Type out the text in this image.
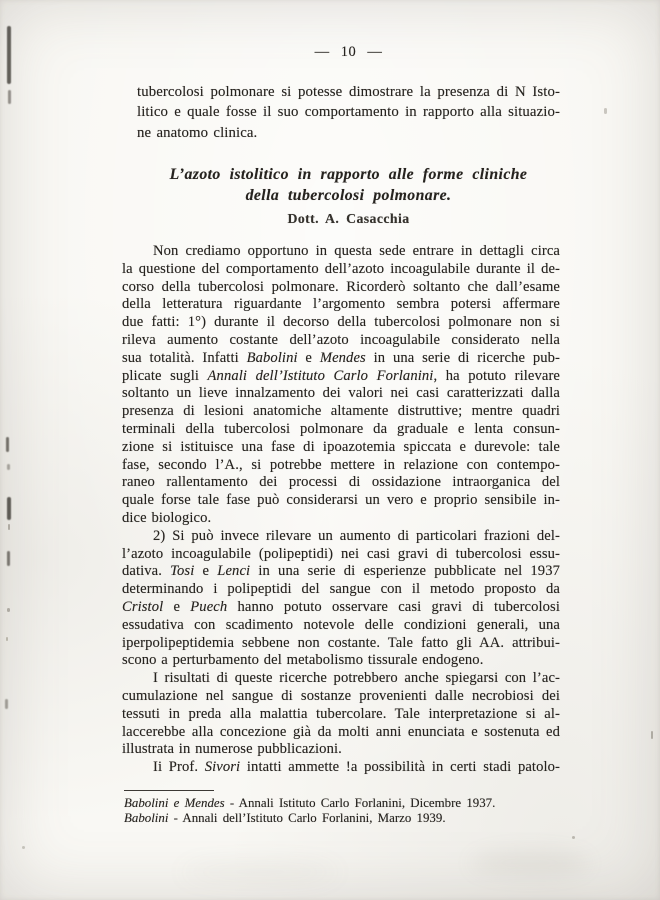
— 10 —
tubercolosi polmonare si potesse dimostrare la presenza di N Isto-
litico e quale fosse il suo comportamento in rapporto alla situazio-
ne anatomo clinica.
L’azoto istolitico in rapporto alle forme cliniche
della tubercolosi polmonare.
Dott. A. Casacchia
Non crediamo opportuno in questa sede entrare in dettagli circa
la questione del comportamento dell’azoto incoagulabile durante il de-
corso della tubercolosi polmonare. Ricorderò soltanto che dall’esame
della letteratura riguardante l’argomento sembra potersi affermare
due fatti: 1°) durante il decorso della tubercolosi polmonare non si
rileva aumento costante dell’azoto incoagulabile considerato nella
sua totalità. Infatti Babolini e Mendes in una serie di ricerche pub-
plicate sugli Annali dell’Istituto Carlo Forlanini, ha potuto rilevare
soltanto un lieve innalzamento dei valori nei casi caratterizzati dalla
presenza di lesioni anatomiche altamente distruttive; mentre quadri
terminali della tubercolosi polmonare da graduale e lenta consun-
zione si istituisce una fase di ipoazotemia spiccata e durevole: tale
fase, secondo l’A., si potrebbe mettere in relazione con contempo-
raneo rallentamento dei processi di ossidazione intraorganica del
quale forse tale fase può considerarsi un vero e proprio sensibile in-
dice biologico.
2) Si può invece rilevare un aumento di particolari frazioni del-
l’azoto incoagulabile (polipeptidi) nei casi gravi di tubercolosi essu-
dativa. Tosi e Lenci in una serie di esperienze pubblicate nel 1937
determinando i polipeptidi del sangue con il metodo proposto da
Cristol e Puech hanno potuto osservare casi gravi di tubercolosi
essudativa con scadimento notevole delle condizioni generali, una
iperpolipeptidemia sebbene non costante. Tale fatto gli AA. attribui-
scono a perturbamento del metabolismo tissurale endogeno.
I risultati di queste ricerche potrebbero anche spiegarsi con l’ac-
cumulazione nel sangue di sostanze provenienti dalle necrobiosi dei
tessuti in preda alla malattia tubercolare. Tale interpretazione si al-
laccerebbe alla concezione già da molti anni enunciata e sostenuta ed
illustrata in numerose pubblicazioni.
Ii Prof. Sivori intatti ammette !a possibilità in certi stadi patolo-
Babolini e Mendes - Annali Istituto Carlo Forlanini, Dicembre 1937.
Babolini - Annali dell’Istituto Carlo Forlanini, Marzo 1939.
